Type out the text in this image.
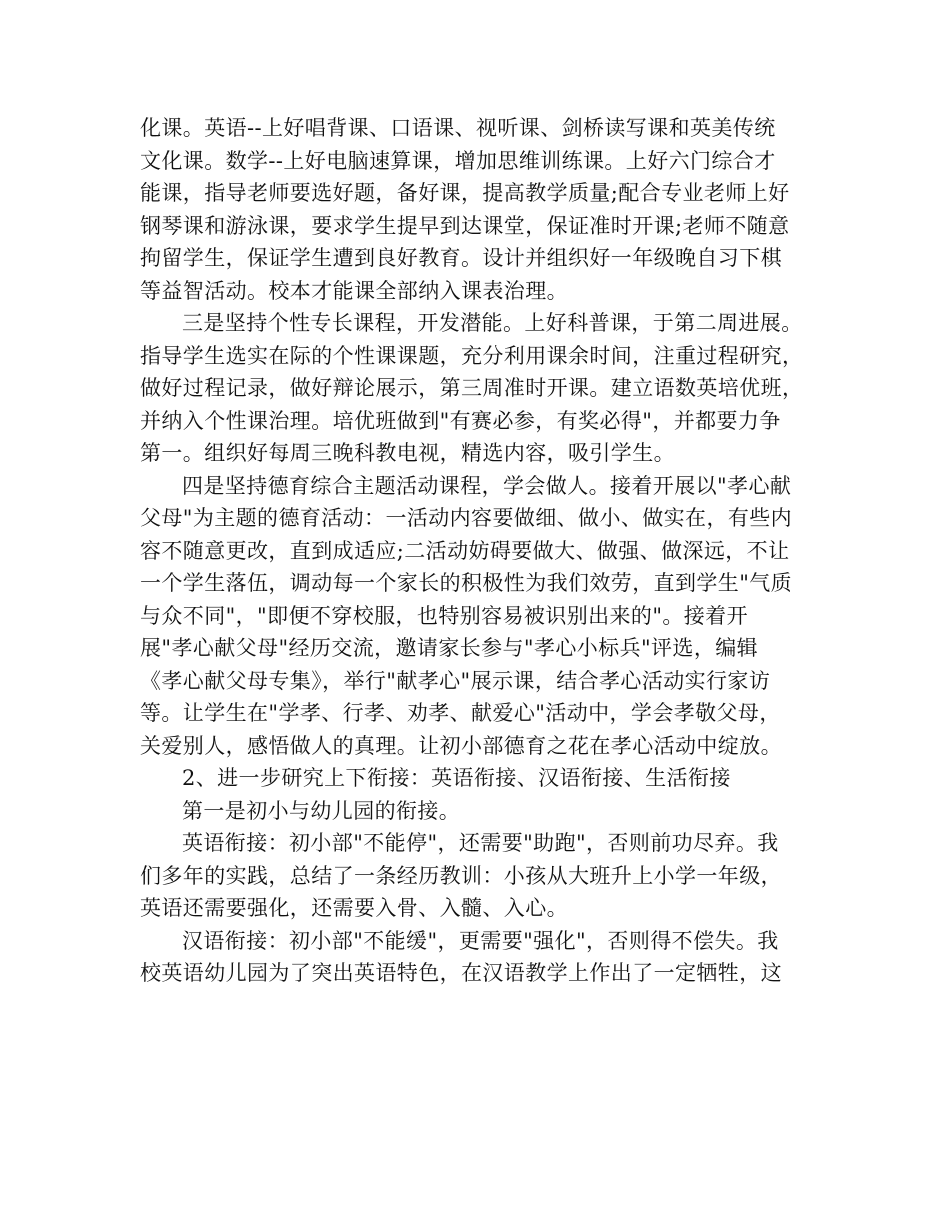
化课。英语--上好唱背课、口语课、视听课、剑桥读写课和英美传统
文化课。数学--上好电脑速算课，增加思维训练课。上好六门综合才
能课，指导老师要选好题，备好课，提高教学质量;配合专业老师上好
钢琴课和游泳课，要求学生提早到达课堂，保证准时开课;老师不随意
拘留学生，保证学生遭到良好教育。设计并组织好一年级晚自习下棋
等益智活动。校本才能课全部纳入课表治理。
三是坚持个性专长课程，开发潜能。上好科普课，于第二周进展。
指导学生选实在际的个性课课题，充分利用课余时间，注重过程研究，
做好过程记录，做好辩论展示，第三周准时开课。建立语数英培优班，
并纳入个性课治理。培优班做到"有赛必参，有奖必得"，并都要力争
第一。组织好每周三晚科教电视，精选内容，吸引学生。
四是坚持德育综合主题活动课程，学会做人。接着开展以"孝心献
父母"为主题的德育活动：一活动内容要做细、做小、做实在，有些内
容不随意更改，直到成适应;二活动妨碍要做大、做强、做深远，不让
一个学生落伍，调动每一个家长的积极性为我们效劳，直到学生"气质
与众不同"，"即便不穿校服，也特别容易被识别出来的"。接着开
展"孝心献父母"经历交流，邀请家长参与"孝心小标兵"评选，编辑
《孝心献父母专集》，举行"献孝心"展示课，结合孝心活动实行家访
等。让学生在"学孝、行孝、劝孝、献爱心"活动中，学会孝敬父母，
关爱别人，感悟做人的真理。让初小部德育之花在孝心活动中绽放。
2、进一步研究上下衔接：英语衔接、汉语衔接、生活衔接
第一是初小与幼儿园的衔接。
英语衔接：初小部"不能停"，还需要"助跑"，否则前功尽弃。我
们多年的实践，总结了一条经历教训：小孩从大班升上小学一年级，
英语还需要强化，还需要入骨、入髓、入心。
汉语衔接：初小部"不能缓"，更需要"强化"，否则得不偿失。我
校英语幼儿园为了突出英语特色，在汉语教学上作出了一定牺牲，这
